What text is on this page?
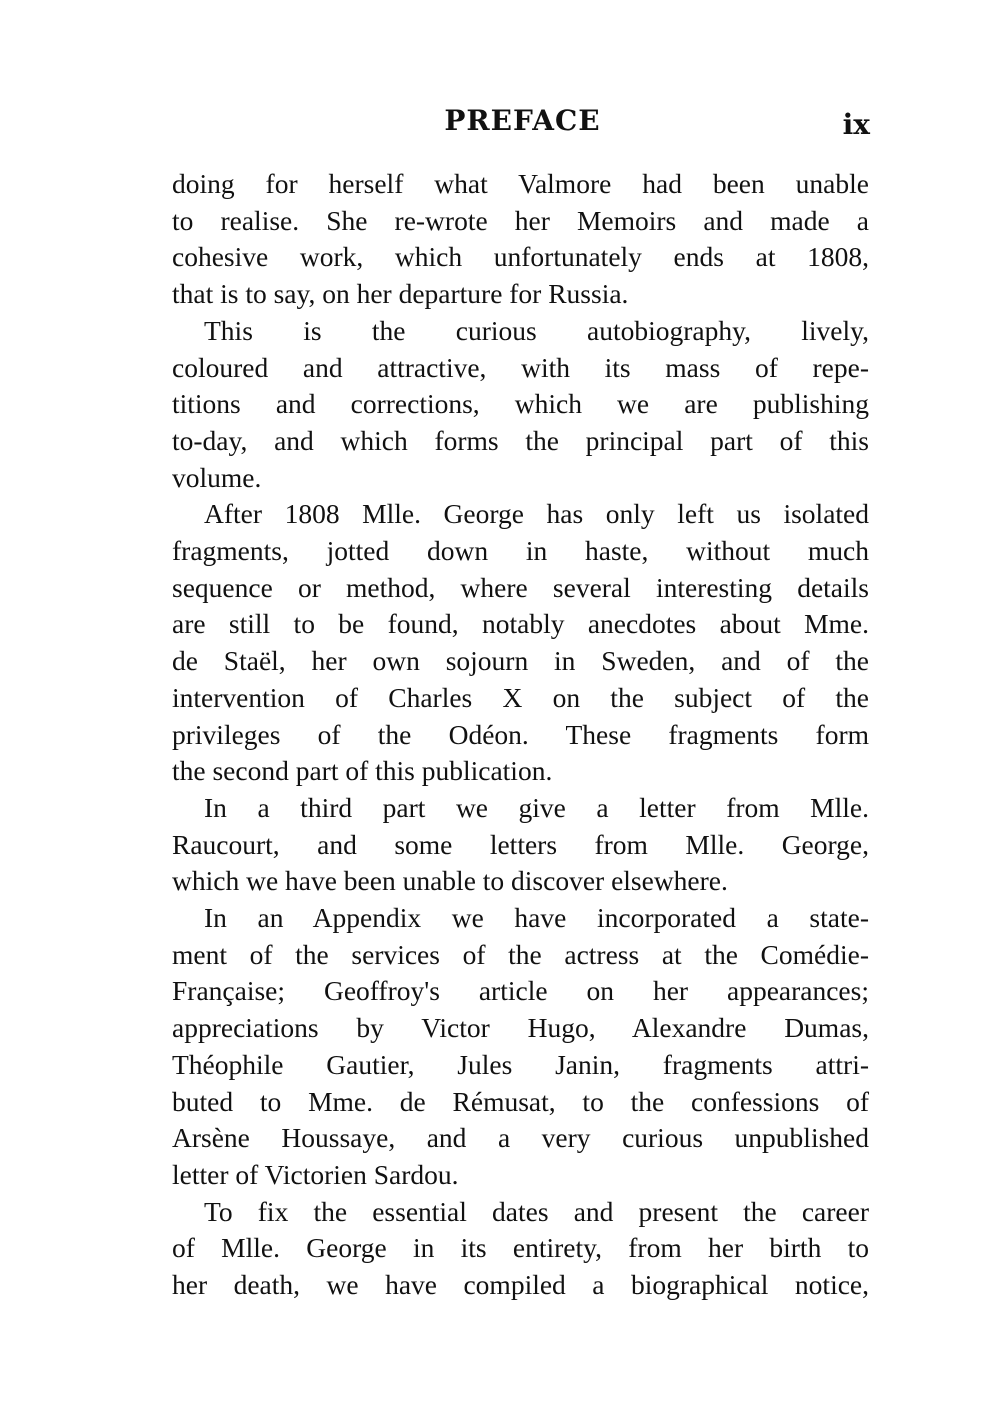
PREFACE	ix

doing for herself what Valmore had been unable
to realise. She re-wrote her Memoirs and made a
cohesive work, which unfortunately ends at 1808,
that is to say, on her departure for Russia.

This is the curious autobiography, lively,
coloured and attractive, with its mass of repe-
titions and corrections, which we are publishing
to-day, and which forms the principal part of this
volume.

After 1808 Mlle. George has only left us isolated
fragments, jotted down in haste, without much
sequence or method, where several interesting details
are still to be found, notably anecdotes about Mme.
de Staël, her own sojourn in Sweden, and of the
intervention of Charles X on the subject of the
privileges of the Odéon. These fragments form
the second part of this publication.

In a third part we give a letter from Mlle.
Raucourt, and some letters from Mlle. George,
which we have been unable to discover elsewhere.

In an Appendix we have incorporated a state-
ment of the services of the actress at the Comédie-
Française; Geoffroy's article on her appearances;
appreciations by Victor Hugo, Alexandre Dumas,
Théophile Gautier, Jules Janin, fragments attri-
buted to Mme. de Rémusat, to the confessions of
Arsène Houssaye, and a very curious unpublished
letter of Victorien Sardou.

To fix the essential dates and present the career
of Mlle. George in its entirety, from her birth to
her death, we have compiled a biographical notice,
